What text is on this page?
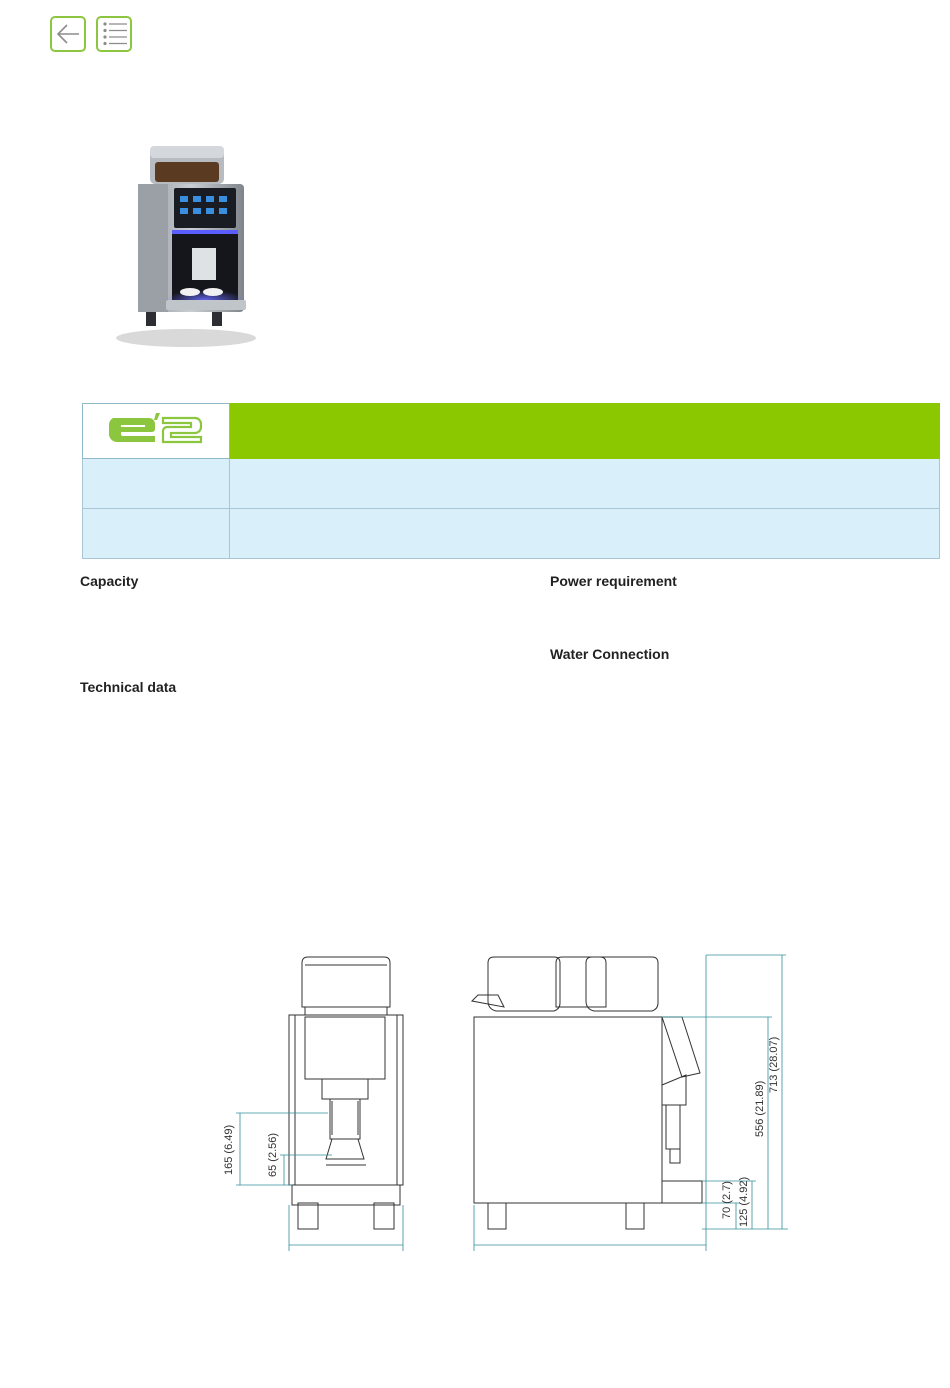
Capacity	Power requirement
Water Connection
Technical data
165 (6.49)	65 (2.56)
556 (21.89)
713 (28.07)
70 (2.7) 125 (4.92)
